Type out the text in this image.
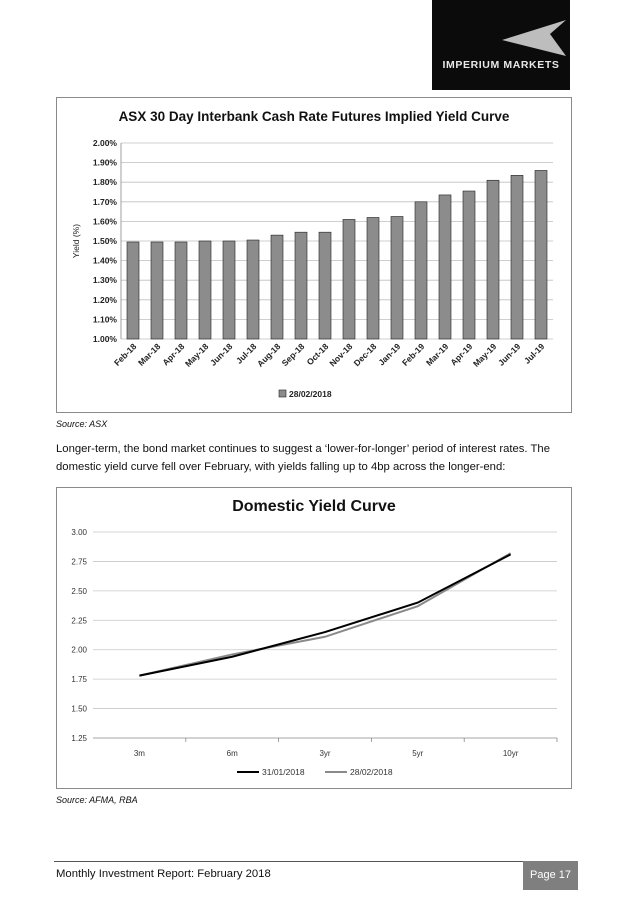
IMPERIUM MARKETS
ASX 30 Day Interbank Cash Rate Futures Implied Yield Curve
1.00%
1.10%
1.20%
1.30%
1.40%
1.50%
1.60%
1.70%
1.80%
1.90%
2.00%
Feb-18
Mar-18
Apr-18
May-18
Jun-18 Jul-18
Aug-18
Sep-18
Oct-18
Nov-18
Dec-18
Jan-19
Feb-19
Mar-19
Apr-19
May-19
Jun-19 Jul-19
Yield (%)
28/02/2018
Source: ASX
Longer-term, the bond market continues to suggest a ‘lower-for-longer’ period of interest rates. The domestic yield curve fell over February, with yields falling up to 4bp across the longer-end:
Domestic Yield Curve
1.25
1.50
1.75
2.00
2.25
2.50
2.75
3.00
3m	6m	3yr	5yr	10yr
31/01/2018	28/02/2018
Source: AFMA, RBA
Monthly Investment Report: February 2018	Page 17
